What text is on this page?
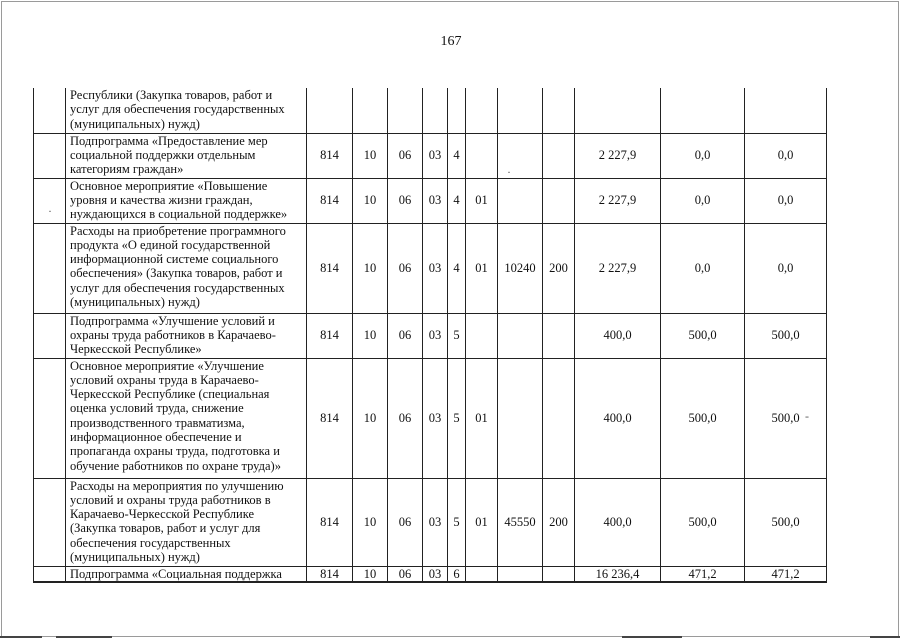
167
	Республики (Закупка товаров, работ и услуг для обеспечения государственных (муниципальных) нужд)											
	Подпрограмма «Предоставление мер социальной поддержки отдельным категориям граждан»	814	10	06	03	4				2 227,9	0,0	0,0
	Основное мероприятие «Повышение уровня и качества жизни граждан, нуждающихся в социальной поддержке»	814	10	06	03	4	01			2 227,9	0,0	0,0
	Расходы на приобретение программного продукта «О единой государственной информационной системе социального обеспечения» (Закупка товаров, работ и услуг для обеспечения государственных (муниципальных) нужд)	814	10	06	03	4	01	10240	200	2 227,9	0,0	0,0
	Подпрограмма «Улучшение условий и охраны труда работников в Карачаево-Черкесской Республике»	814	10	06	03	5				400,0	500,0	500,0
	Основное мероприятие «Улучшение условий охраны труда в Карачаево-Черкесской Республике (специальная оценка условий труда, снижение производственного травматизма, информационное обеспечение и пропаганда охраны труда, подготовка и обучение работников по охране труда)»	814	10	06	03	5	01			400,0	500,0	500,0
	Расходы на мероприятия по улучшению условий и охраны труда работников в Карачаево-Черкесской Республике (Закупка товаров, работ и услуг для обеспечения государственных (муниципальных) нужд)	814	10	06	03	5	01	45550	200	400,0	500,0	500,0
	Подпрограмма «Социальная поддержка	814	10	06	03	6				16 236,4	471,2	471,2
·
·
-
